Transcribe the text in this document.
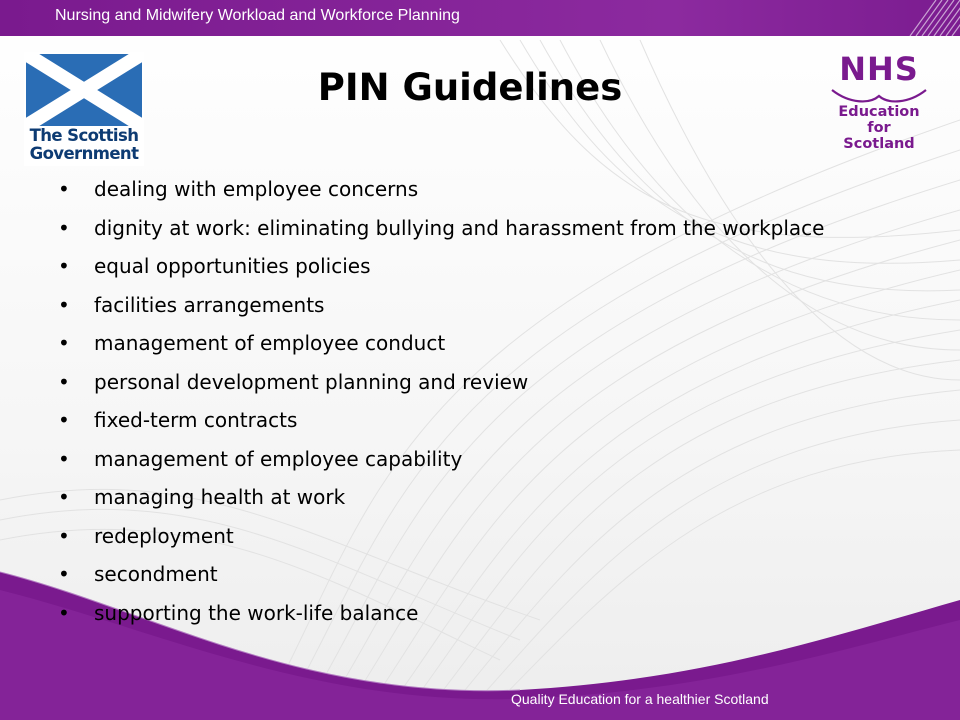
Nursing and Midwifery Workload and Workforce Planning
Quality Education for a healthier Scotland
The Scottish
Government
PIN Guidelines	NHS
Education
for
Scotland
• dealing with employee concerns
• dignity at work: eliminating bullying and harassment from the workplace
• equal opportunities policies
• facilities arrangements
• management of employee conduct
• personal development planning and review
• fixed-term contracts
• management of employee capability
• managing health at work
• redeployment
• secondment
• supporting the work-life balance
